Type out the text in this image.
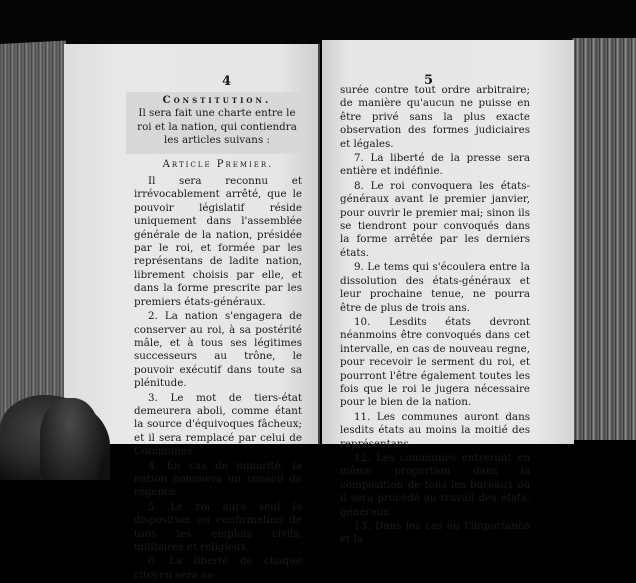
4
Constitution.
Il sera fait une charte entre le roi et la nation, qui contiendra les articles suivans :
Article Premier.

Il sera reconnu et irrévocablement arrêté, que le pouvoir législatif réside uniquement dans l'assemblée générale de la nation, présidée par le roi, et formée par les représentans de ladite nation, librement choisis par elle, et dans la forme prescrite par les premiers états-généraux.

2. La nation s'engagera de conserver au roi, à sa postérité mâle, et à tous ses légitimes successeurs au trône, le pouvoir exécutif dans toute sa plénitude.

3. Le mot de tiers-état demeurera aboli, comme étant la source d'équivoques fâcheux; et il sera remplacé par celui de Communes.

4. En cas de minorité, la nation nommera un conseil de régence.

5. Le roi aura seul la disposition ou confirmation de tous les emplois civils, militaires et religieux.

6. La liberté de chaque citoyen sera as-

5

surée contre tout ordre arbitraire; de manière qu'aucun ne puisse en être privé sans la plus exacte observation des formes judiciaires et légales.

7. La liberté de la presse sera entière et indéfinie.

8. Le roi convoquera les états-généraux avant le premier janvier, pour ouvrir le premier mai; sinon ils se tiendront pour convoqués dans la forme arrêtée par les derniers états.

9. Le tems qui s'écoulera entre la dissolution des états-généraux et leur prochaine tenue, ne pourra être de plus de trois ans.

10. Lesdits états devront néanmoins être convoqués dans cet intervalle, en cas de nouveau regne, pour recevoir le serment du roi, et pourront l'être également toutes les fois que le roi le jugera nécessaire pour le bien de la nation.

11. Les communes auront dans lesdits états au moins la moitié des représentans.

12. Les communes entreront en même proportion dans la composition de tous les bureaux où il sera procédé au travail des états-généraux.

13. Dans les cas où l'importance et la
